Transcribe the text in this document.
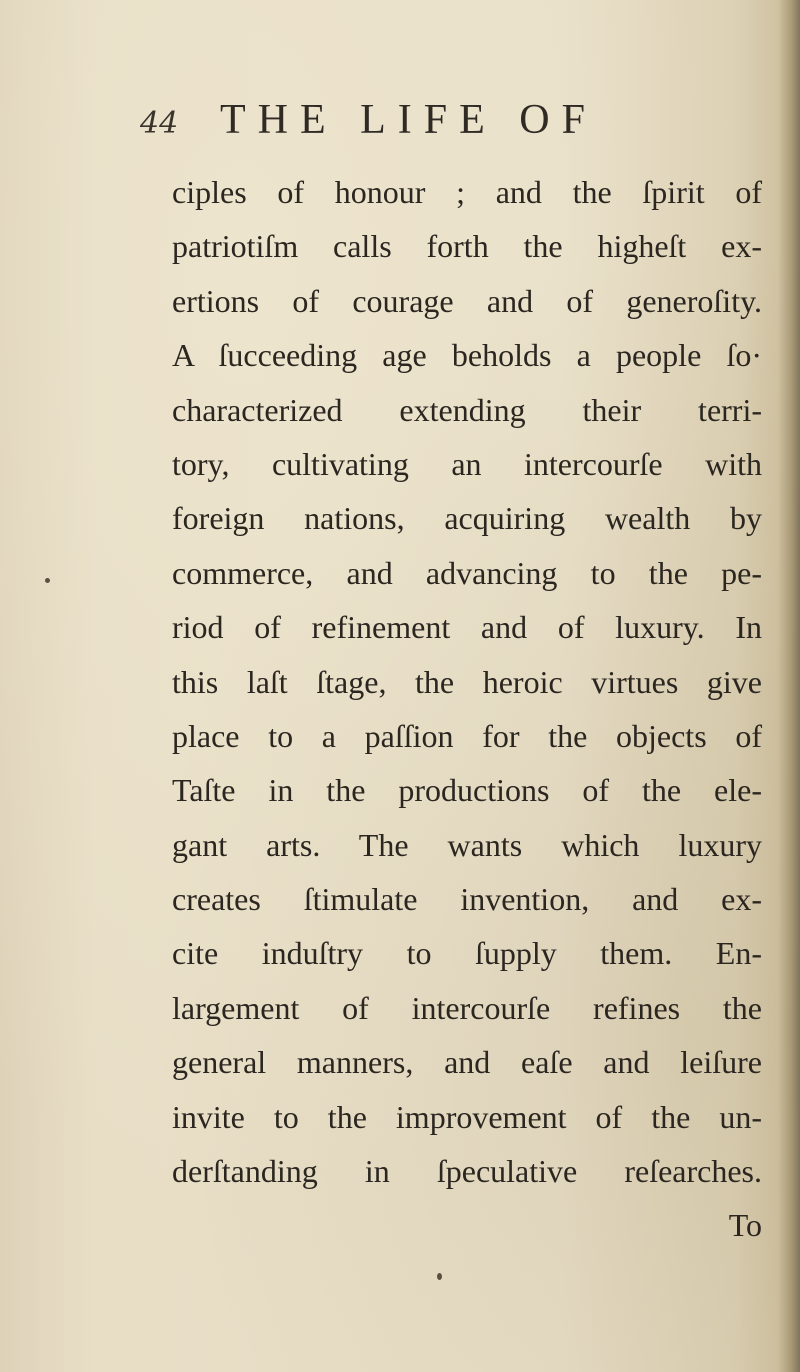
44 THE LIFE OF
ciples of honour ; and the ſpirit of
patriotiſm calls forth the higheſt ex-
ertions of courage and of generoſity.
A ſucceeding age beholds a people ſo·
characterized extending their terri-
tory, cultivating an intercourſe with
foreign nations, acquiring wealth by
commerce, and advancing to the pe-
riod of refinement and of luxury. In
this laſt ſtage, the heroic virtues give
place to a paſſion for the objects of
Taſte in the productions of the ele-
gant arts. The wants which luxury
creates ſtimulate invention, and ex-
cite induſtry to ſupply them. En-
largement of intercourſe refines the
general manners, and eaſe and leiſure
invite to the improvement of the un-
derſtanding in ſpeculative reſearches.
To
